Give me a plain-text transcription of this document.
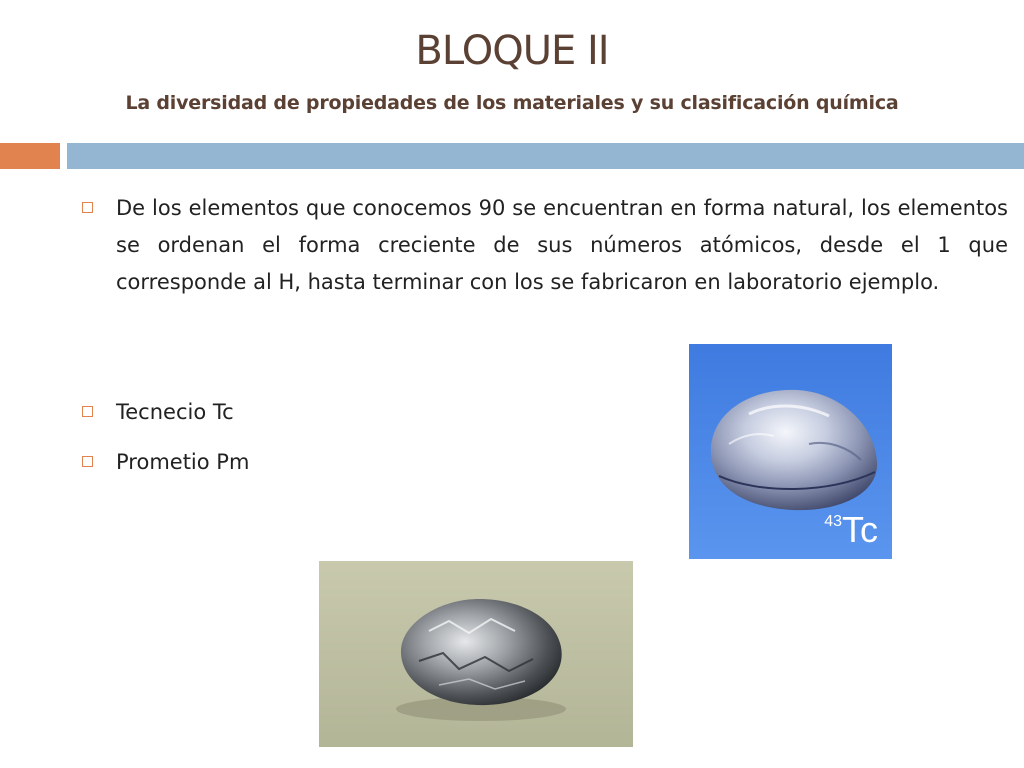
BLOQUE II
La diversidad de propiedades de los materiales y su clasificación química
De los elementos que conocemos 90 se encuentran en forma natural, los elementos se ordenan el forma creciente de sus números atómicos, desde el 1 que corresponde al H, hasta terminar con los se fabricaron en laboratorio ejemplo.
Tecnecio Tc
Prometio Pm
43Tc
